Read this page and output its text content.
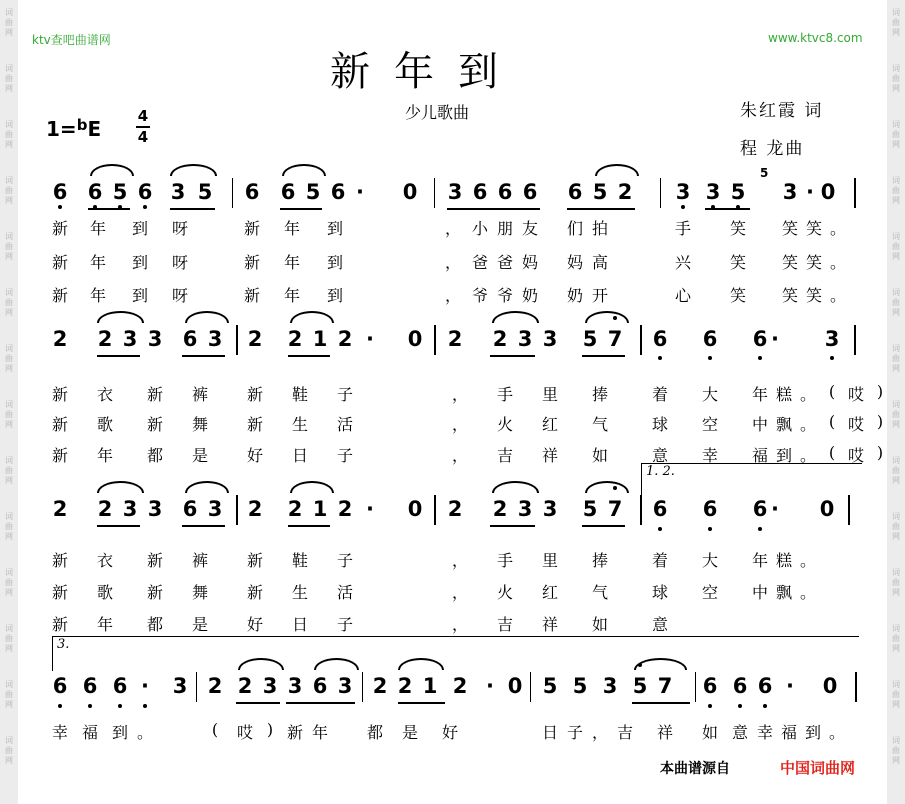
词
曲
网
词
曲
网
词
曲
网
词
曲
网
词
曲
网
词
曲
网
词
曲
网
词
曲
网
词
曲
网
词
曲
网
词
曲
网
词
曲
网
词
曲
网
词
曲
网
词
曲
网
词
曲
网
词
曲
网
词
曲
网
词
曲
网
词
曲
网
词
曲
网
词
曲
网
词
曲
网
词
曲
网
词
曲
网
词
曲
网
词
曲
网
词
曲
网
ktv查吧曲谱网	www.ktvc8.com
新年到
少儿歌曲	朱红霞 词
程 龙曲
1=$^b$E
4
4
6 6 5 6 3 5 6 6 5 6 · 0 3 6 6 6 6 5 2 3 3 5 3 · 0
新 年 到 呀	新 年 到	， 小 朋 友 们 拍	手 笑 笑 笑 。
新 年 到 呀	新 年 到	， 爸 爸 妈 妈 高	兴 笑 笑 笑 。
新 年 到 呀	新 年 到	， 爷 爷 奶 奶 开	心 笑 笑 笑 。
2 2 3 3 6 3 2 2 1 2 · 0 2 2 3 3 5 7 6 6 6 · 3
新 衣 新 裤 新 鞋 子	， 手 里 捧	着 大 年 糕 。 ( 哎 )
新 歌 新 舞 新 生 活	， 火 红 气	球 空 中 飘 。 ( 哎 )
新 年 都 是 好 日 子	， 吉 祥 如	意 幸 福 到 。 ( 哎 )
2 2 3 3 6 3 2 2 1 2 · 0 2 2 3 3 5 7 6 6 6 · 0
新 衣 新 裤 新 鞋 子	， 手 里 捧	着 大 年 糕 。
新 歌 新 舞 新 生 活	， 火 红 气	球 空 中 飘 。
新 年 都 是 好 日 子	， 吉 祥 如	意
6 6 6 · 3 2 2 3 3 6 3 2 2 1 2 · 0 5 5 3 5 7 6 6 6 · 0
幸 福 到 。	(	哎 ) 新 年 都 是 好	日 子 ， 吉 祥 如 意 幸 福 到 。
1. 2.
3.
5
本曲谱源自	中国词曲网
